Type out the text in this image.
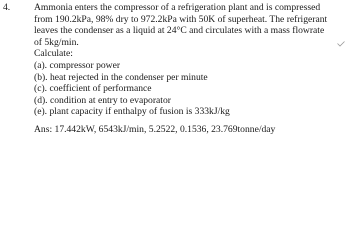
4. Ammonia enters the compressor of a refrigeration plant and is compressed
from 190.2kPa, 98% dry to 972.2kPa with 50K of superheat. The refrigerant
leaves the condenser as a liquid at 24°C and circulates with a mass flowrate
of 5kg/min.
Calculate:
(a). compressor power
(b). heat rejected in the condenser per minute
(c). coefficient of performance
(d). condition at entry to evaporator
(e). plant capacity if enthalpy of fusion is 333kJ/kg
Ans: 17.442kW, 6543kJ/min, 5.2522, 0.1536, 23.769tonne/day
